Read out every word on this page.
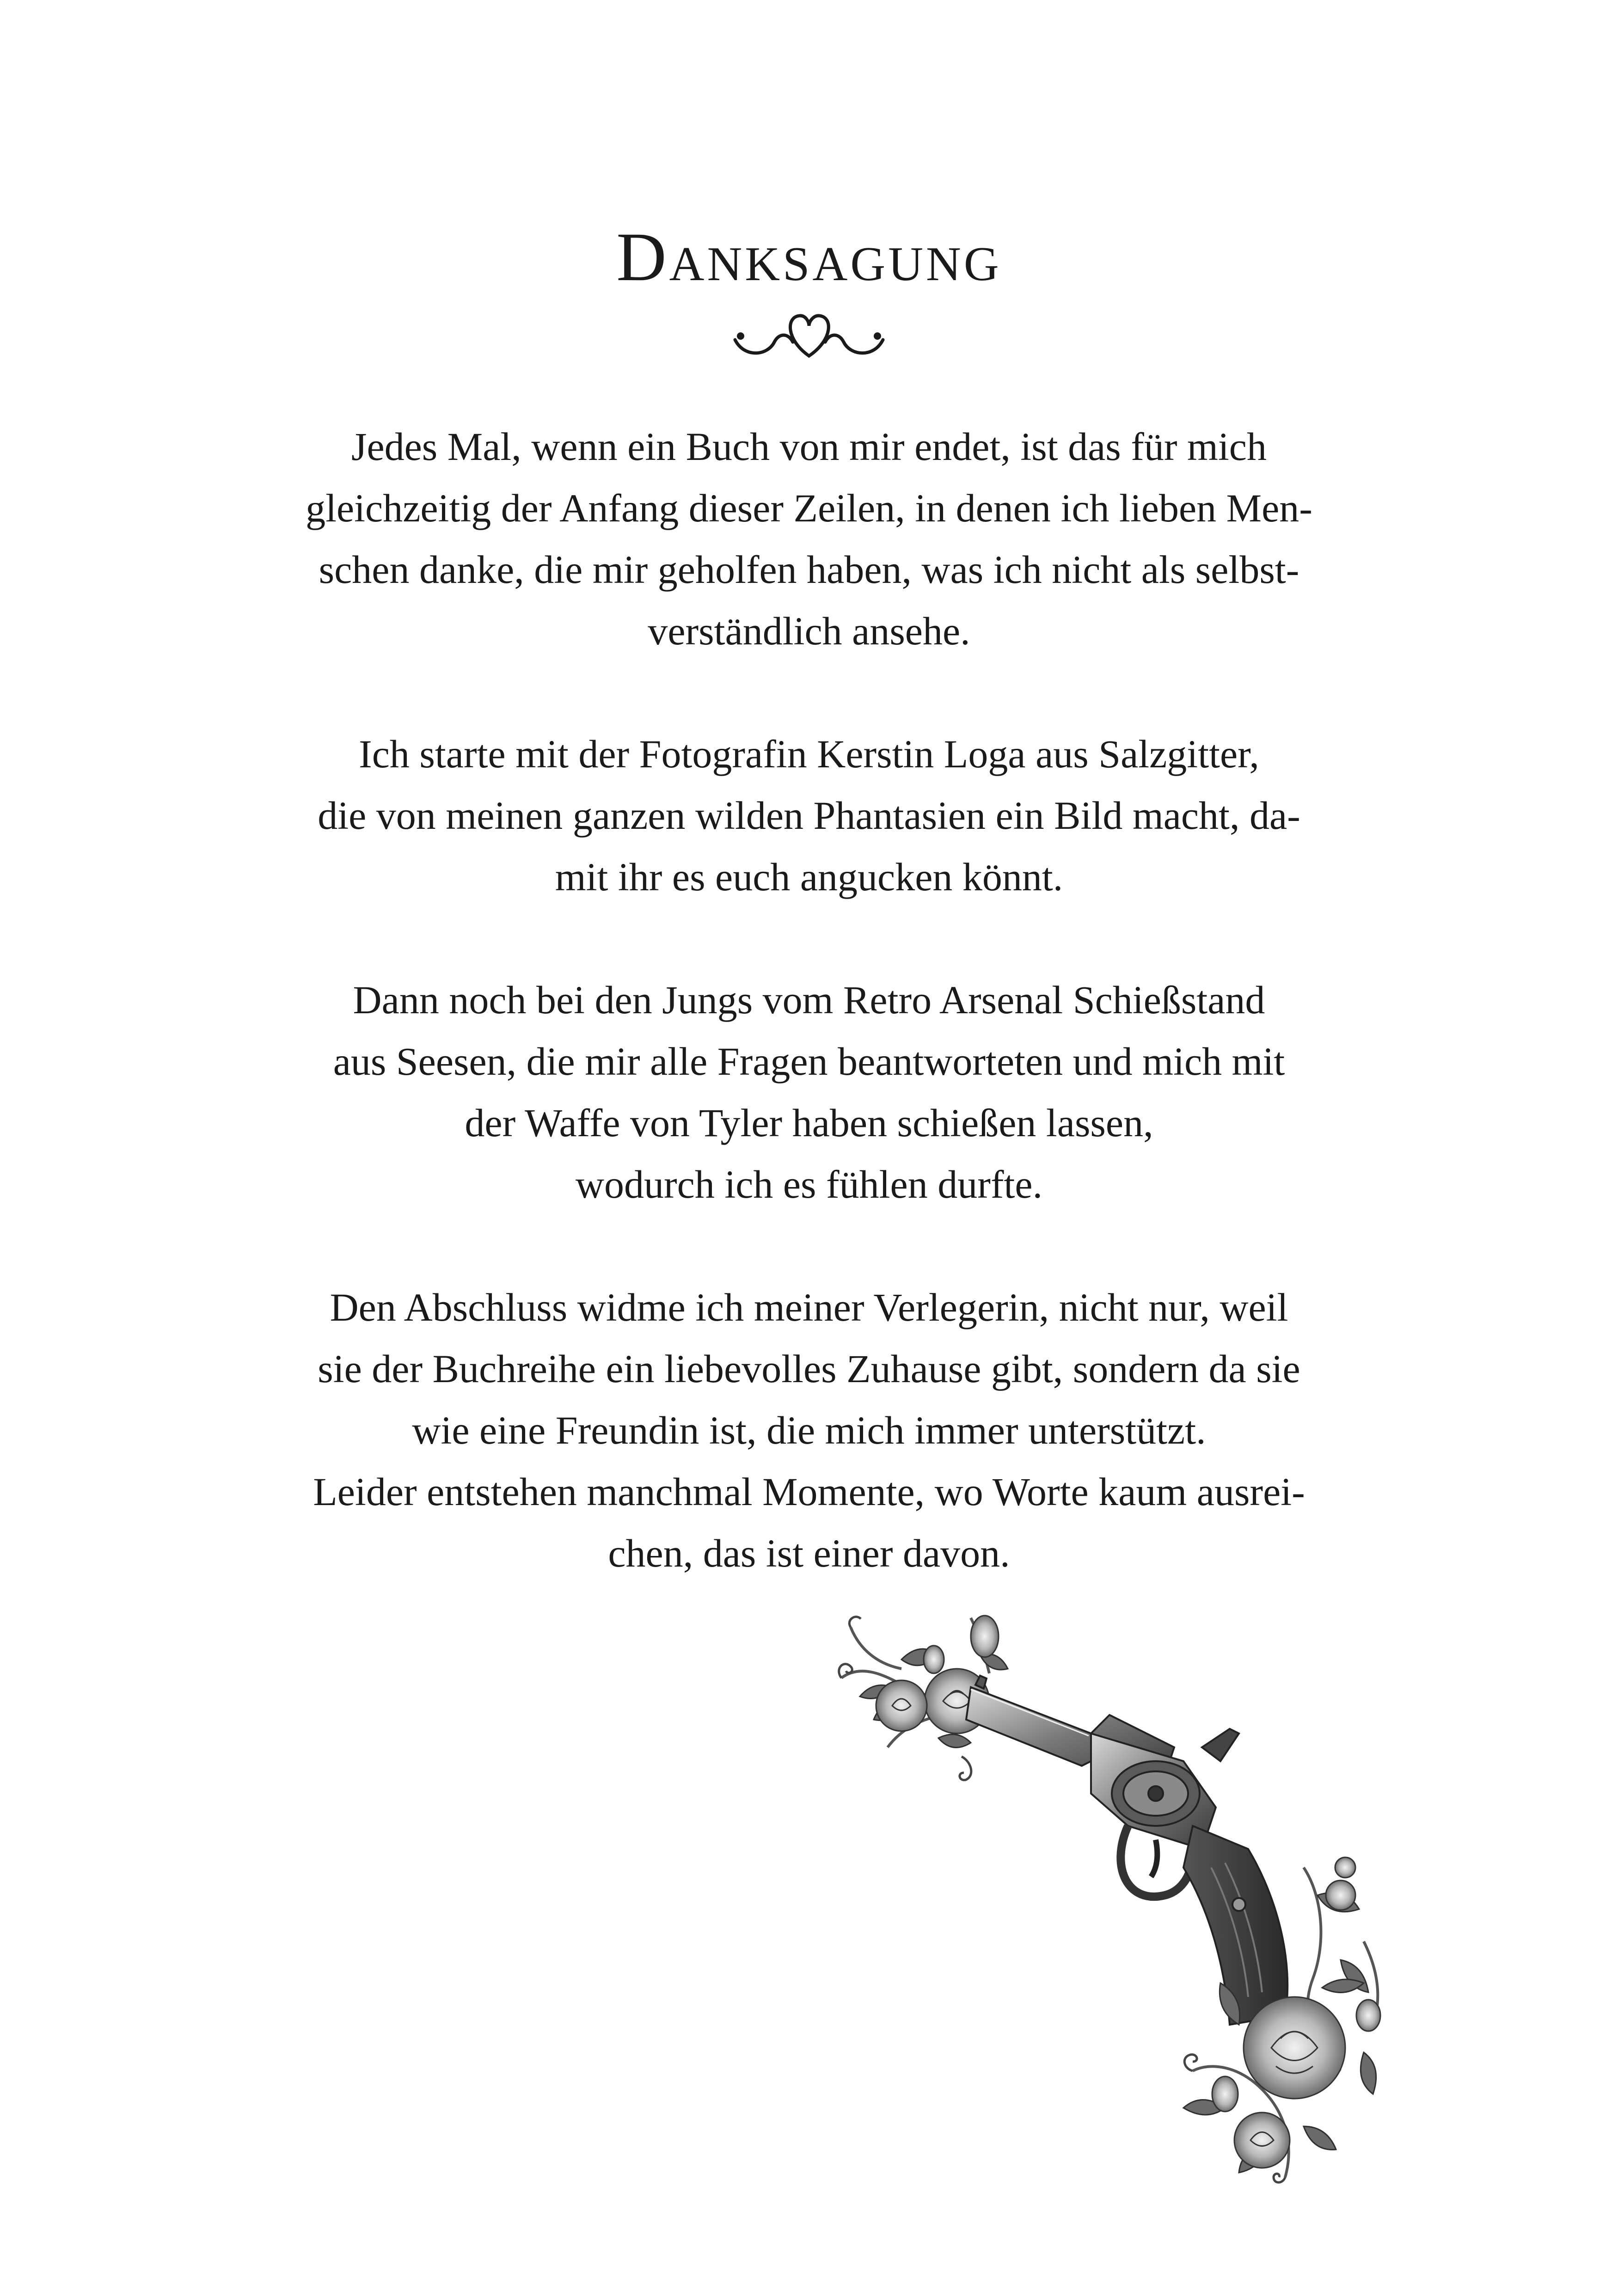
Danksagung

Jedes Mal, wenn ein Buch von mir endet, ist das für mich
gleichzeitig der Anfang dieser Zeilen, in denen ich lieben Men-
schen danke, die mir geholfen haben, was ich nicht als selbst-
verständlich ansehe.

Ich starte mit der Fotografin Kerstin Loga aus Salzgitter,
die von meinen ganzen wilden Phantasien ein Bild macht, da-
mit ihr es euch angucken könnt.

Dann noch bei den Jungs vom Retro Arsenal Schießstand
aus Seesen, die mir alle Fragen beantworteten und mich mit
der Waffe von Tyler haben schießen lassen,
wodurch ich es fühlen durfte.

Den Abschluss widme ich meiner Verlegerin, nicht nur, weil
sie der Buchreihe ein liebevolles Zuhause gibt, sondern da sie
wie eine Freundin ist, die mich immer unterstützt.
Leider entstehen manchmal Momente, wo Worte kaum ausrei-
chen, das ist einer davon.
